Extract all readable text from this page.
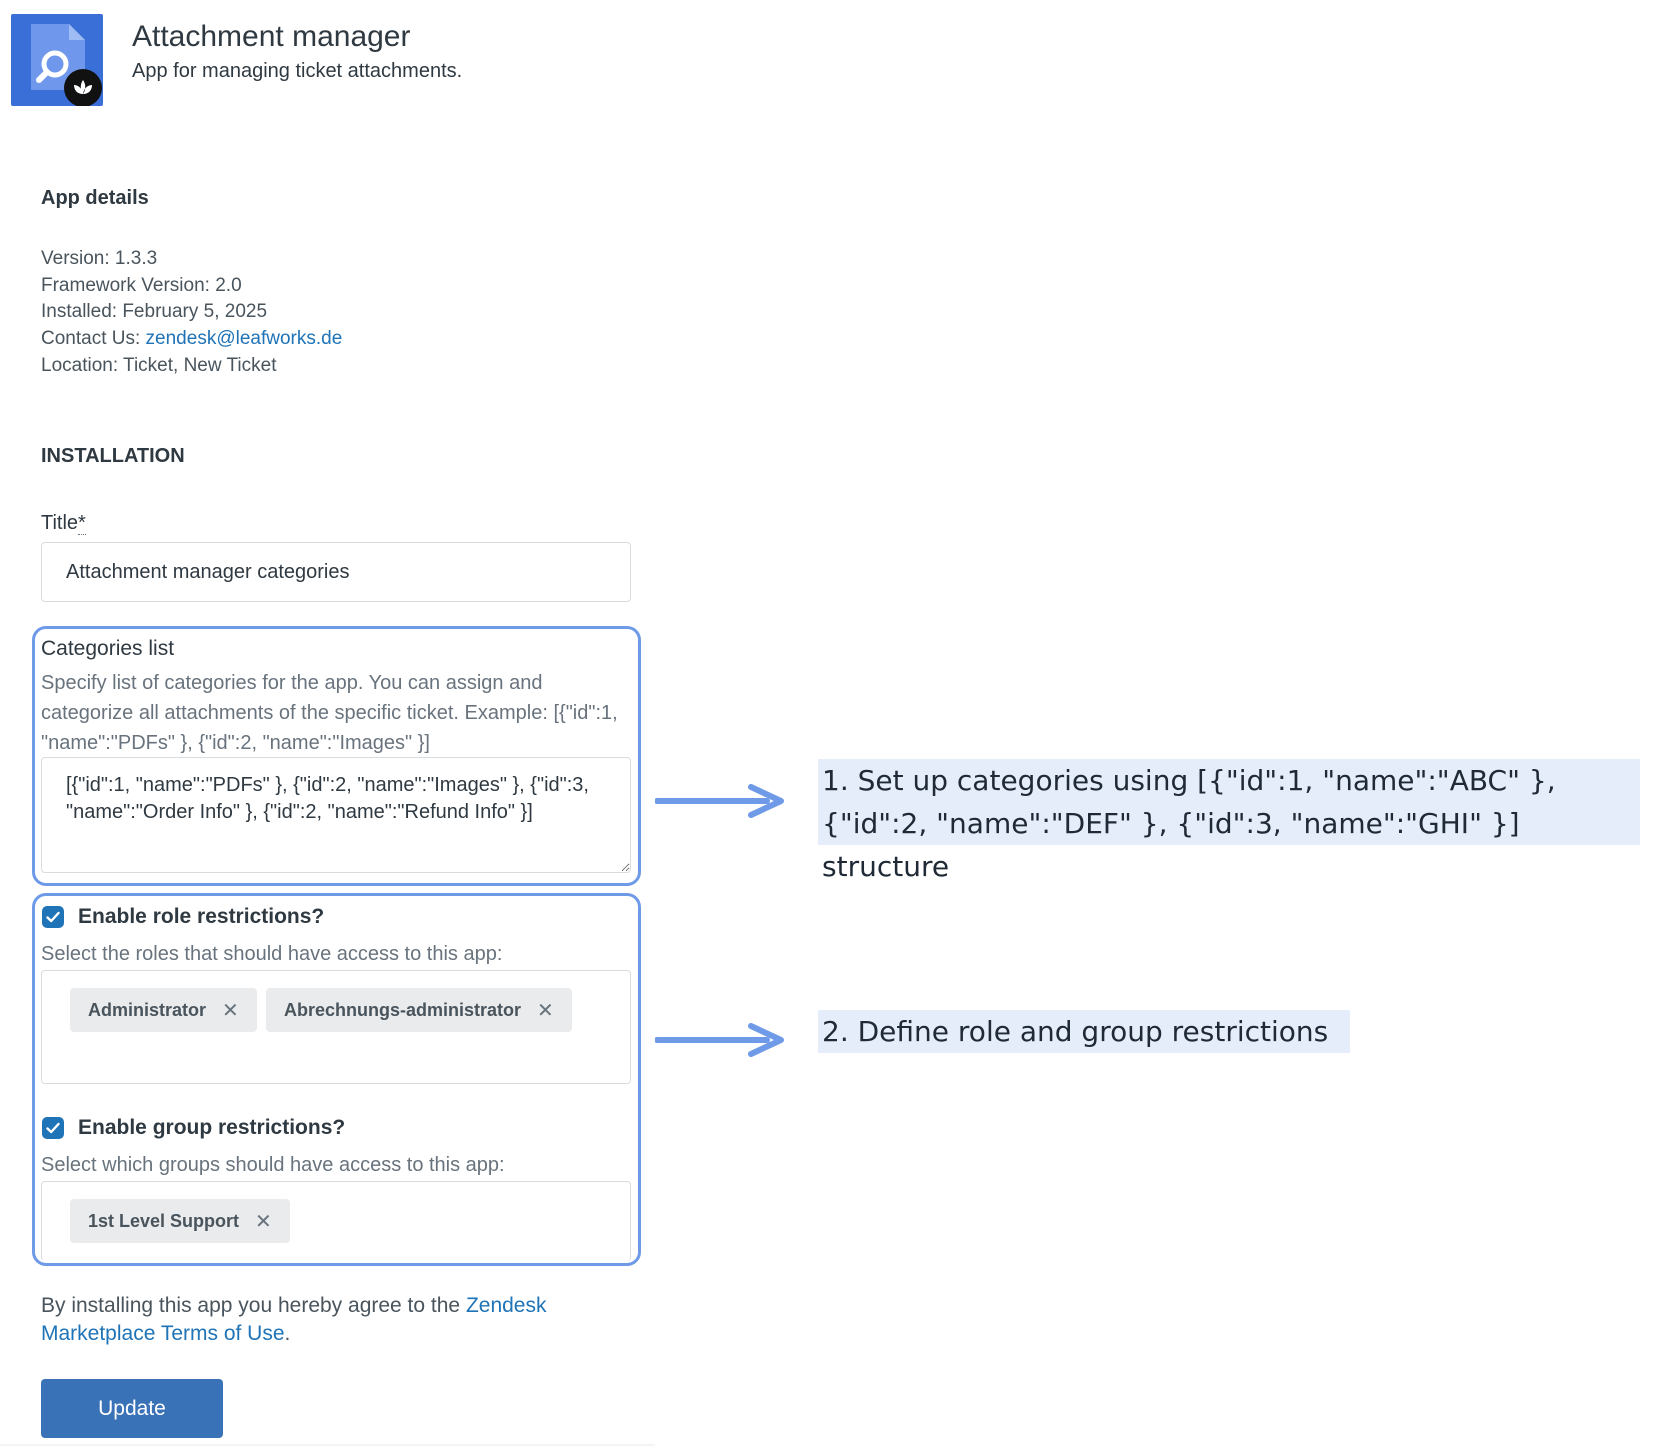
Attachment manager
App for managing ticket attachments.
App details
Version: 1.3.3
Framework Version: 2.0
Installed: February 5, 2025
Contact Us: zendesk@leafworks.de
Location: Ticket, New Ticket
INSTALLATION
Title*
Attachment manager categories
Categories list
Specify list of categories for the app. You can assign and categorize all attachments of the specific ticket. Example: [{"id":1, "name":"PDFs" }, {"id":2, "name":"Images" }]
[{"id":1, "name":"PDFs" }, {"id":2, "name":"Images" }, {"id":3, "name":"Order Info" }, {"id":2, "name":"Refund Info" }]
Enable role restrictions?
Select the roles that should have access to this app:
Administrator ✕	Abrechnungs-administrator ✕
Enable group restrictions?
Select which groups should have access to this app:
1st Level Support ✕
By installing this app you hereby agree to the Zendesk Marketplace Terms of Use.
Update
1. Set up categories using [{"id":1, "name":"ABC" }, {"id":2, "name":"DEF" }, {"id":3, "name":"GHI" }] structure
2. Define role and group restrictions
